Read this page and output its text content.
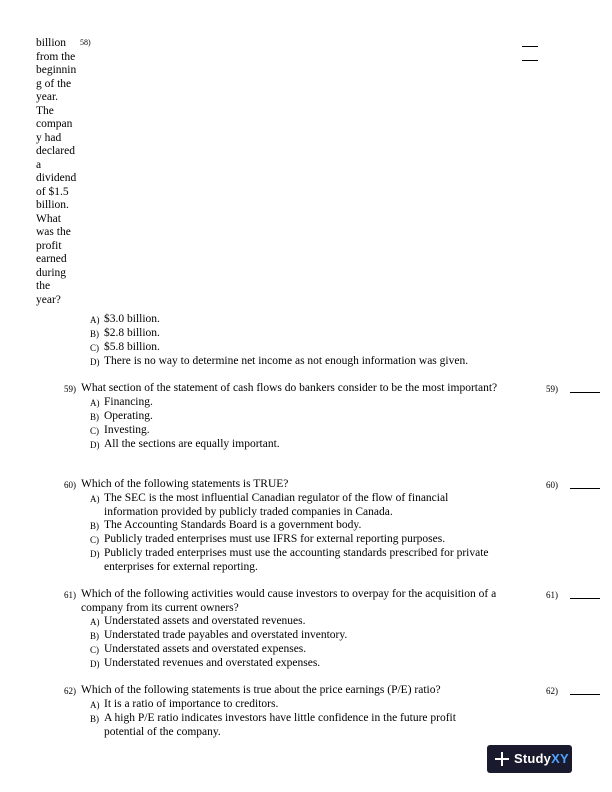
billion
from the
beginnin
g of the
year.
The
compan
y had
declared
a
dividend
of $1.5
billion.
What
was the
profit
earned
during
the
year?
58)
A) $3.0 billion.
B) $2.8 billion.
C) $5.8 billion.
D) There is no way to determine net income as not enough information was given.
59) What section of the statement of cash flows do bankers consider to be the most important?	59)
A) Financing.
B) Operating.
C) Investing.
D) All the sections are equally important.
60) Which of the following statements is TRUE?	60)
A) The SEC is the most influential Canadian regulator of the flow of financial information provided by publicly traded companies in Canada.
B) The Accounting Standards Board is a government body.
C) Publicly traded enterprises must use IFRS for external reporting purposes.
D) Publicly traded enterprises must use the accounting standards prescribed for private enterprises for external reporting.
61) Which of the following activities would cause investors to overpay for the acquisition of a company from its current owners?
61)
A) Understated assets and overstated revenues.
B) Understated trade payables and overstated inventory.
C) Understated assets and overstated expenses.
D) Understated revenues and overstated expenses.
62) Which of the following statements is true about the price earnings (P/E) ratio?	62)
A) It is a ratio of importance to creditors.
B) A high P/E ratio indicates investors have little confidence in the future profit potential of the company.
StudyXY
